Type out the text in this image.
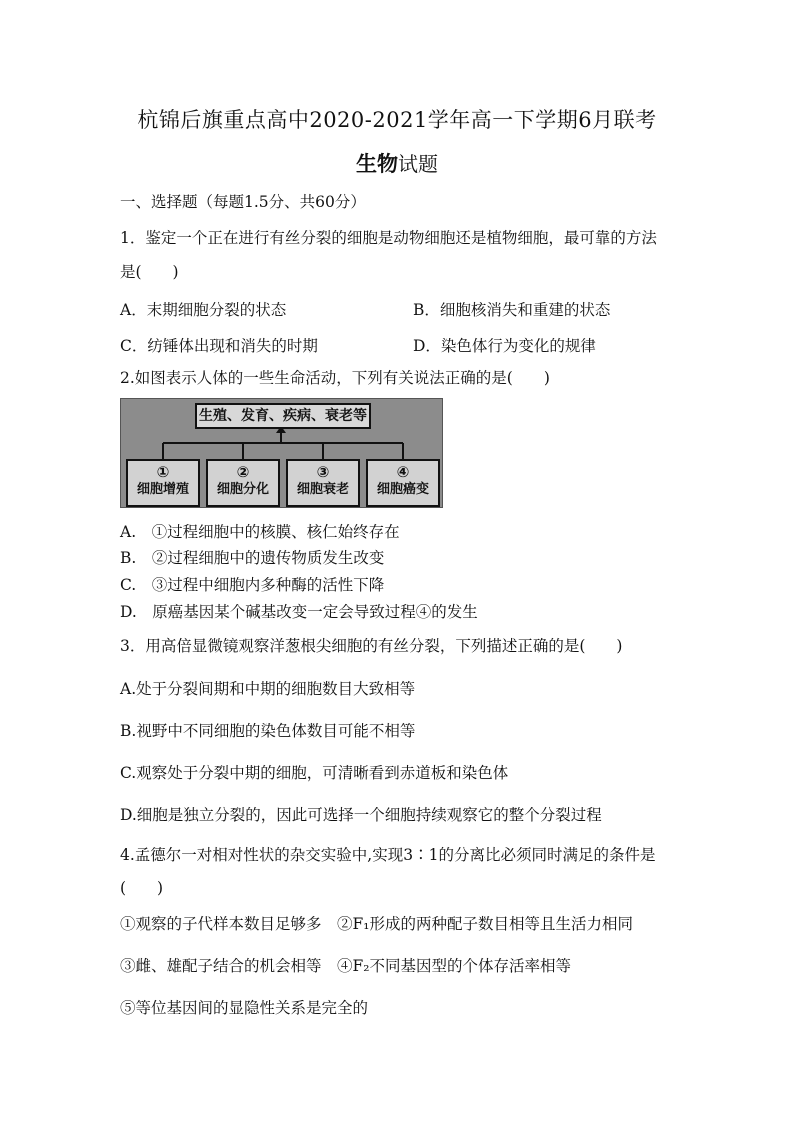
杭锦后旗重点高中2020-2021学年高一下学期6月联考
生物试题
一、选择题（每题1.5分、共60分）
1．鉴定一个正在进行有丝分裂的细胞是动物细胞还是植物细胞，最可靠的方法
是(　　)
A．末期细胞分裂的状态	B．细胞核消失和重建的状态
C．纺锤体出现和消失的时期	D．染色体行为变化的规律
2.如图表示人体的一些生命活动，下列有关说法正确的是(　　)
生殖、发育、疾病、衰老等
①
细胞增殖
②
细胞分化
③
细胞衰老
④
细胞癌变
A.　①过程细胞中的核膜、核仁始终存在
B.　②过程细胞中的遗传物质发生改变
C.　③过程中细胞内多种酶的活性下降
D.　原癌基因某个碱基改变一定会导致过程④的发生
3．用高倍显微镜观察洋葱根尖细胞的有丝分裂，下列描述正确的是(　　)
A.处于分裂间期和中期的细胞数目大致相等
B.视野中不同细胞的染色体数目可能不相等
C.观察处于分裂中期的细胞，可清晰看到赤道板和染色体
D.细胞是独立分裂的，因此可选择一个细胞持续观察它的整个分裂过程
4.孟德尔一对相对性状的杂交实验中,实现3∶1的分离比必须同时满足的条件是
(　　)
①观察的子代样本数目足够多　②F₁形成的两种配子数目相等且生活力相同
③雌、雄配子结合的机会相等　④F₂不同基因型的个体存活率相等
⑤等位基因间的显隐性关系是完全的
